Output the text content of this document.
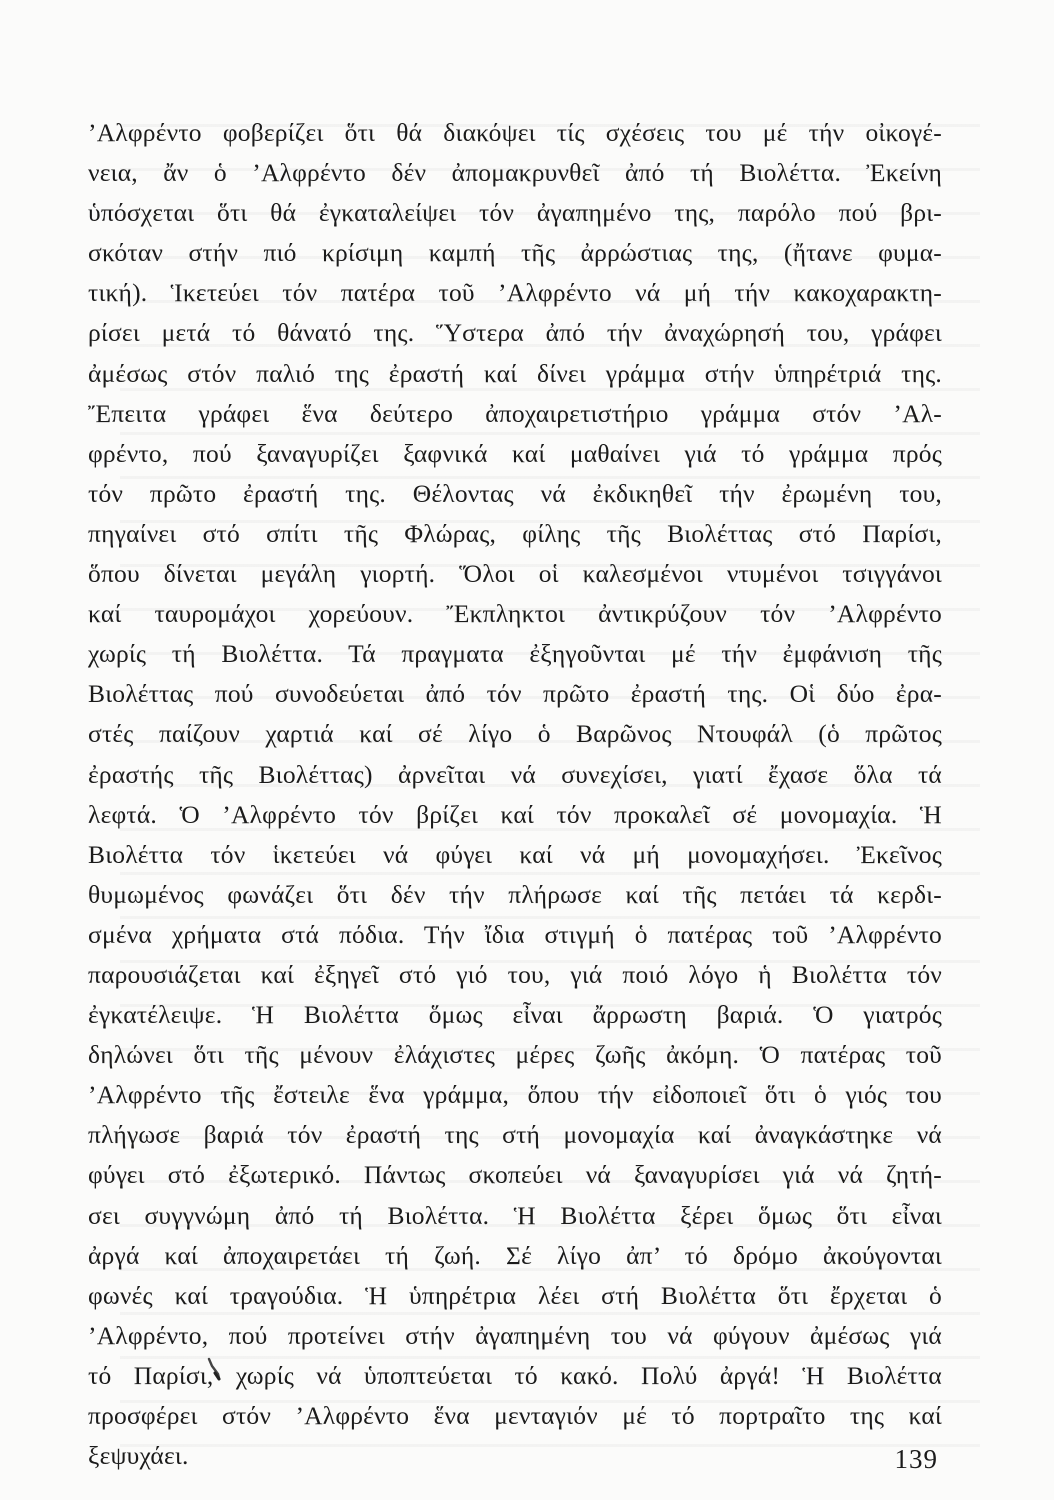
’Αλφρέντο φοβερίζει ὅτι θά διακόψει τίς σχέσεις του μέ τήν οἰκογέ-
νεια, ἄν ὁ ’Αλφρέντο δέν ἀπομακρυνθεῖ ἀπό τή Βιολέττα. Ἐκείνη
ὑπόσχεται ὅτι θά ἐγκαταλείψει τόν ἀγαπημένο της, παρόλο πού βρι-
σκόταν στήν πιό κρίσιμη καμπή τῆς ἀρρώστιας της, (ἤτανε φυμα-
τική). Ἱκετεύει τόν πατέρα τοῦ ’Αλφρέντο νά μή τήν κακοχαρακτη-
ρίσει μετά τό θάνατό της. Ὕστερα ἀπό τήν ἀναχώρησή του, γράφει
ἀμέσως στόν παλιό της ἐραστή καί δίνει γράμμα στήν ὑπηρέτριά της.
Ἔπειτα γράφει ἕνα δεύτερο ἀποχαιρετιστήριο γράμμα στόν ’Αλ-
φρέντο, πού ξαναγυρίζει ξαφνικά καί μαθαίνει γιά τό γράμμα πρός
τόν πρῶτο ἐραστή της. Θέλοντας νά ἐκδικηθεῖ τήν ἐρωμένη του,
πηγαίνει στό σπίτι τῆς Φλώρας, φίλης τῆς Βιολέττας στό Παρίσι,
ὅπου δίνεται μεγάλη γιορτή. Ὅλοι οἱ καλεσμένοι ντυμένοι τσιγγάνοι
καί ταυρομάχοι χορεύουν. Ἔκπληκτοι ἀντικρύζουν τόν ’Αλφρέντο
χωρίς τή Βιολέττα. Τά πραγματα ἐξηγοῦνται μέ τήν ἐμφάνιση τῆς
Βιολέττας πού συνοδεύεται ἀπό τόν πρῶτο ἐραστή της. Οἱ δύο ἐρα-
στές παίζουν χαρτιά καί σέ λίγο ὁ Βαρῶνος Ντουφάλ (ὁ πρῶτος
ἐραστής τῆς Βιολέττας) ἀρνεῖται νά συνεχίσει, γιατί ἔχασε ὅλα τά
λεφτά. Ὁ ’Αλφρέντο τόν βρίζει καί τόν προκαλεῖ σέ μονομαχία. Ἡ
Βιολέττα τόν ἱκετεύει νά φύγει καί νά μή μονομαχήσει. Ἐκεῖνος
θυμωμένος φωνάζει ὅτι δέν τήν πλήρωσε καί τῆς πετάει τά κερδι-
σμένα χρήματα στά πόδια. Τήν ἴδια στιγμή ὁ πατέρας τοῦ ’Αλφρέντο
παρουσιάζεται καί ἐξηγεῖ στό γιό του, γιά ποιό λόγο ἡ Βιολέττα τόν
ἐγκατέλειψε. Ἡ Βιολέττα ὅμως εἶναι ἄρρωστη βαριά. Ὁ γιατρός
δηλώνει ὅτι τῆς μένουν ἐλάχιστες μέρες ζωῆς ἀκόμη. Ὁ πατέρας τοῦ
’Αλφρέντο τῆς ἔστειλε ἕνα γράμμα, ὅπου τήν εἰδοποιεῖ ὅτι ὁ γιός του
πλήγωσε βαριά τόν ἐραστή της στή μονομαχία καί ἀναγκάστηκε νά
φύγει στό ἐξωτερικό. Πάντως σκοπεύει νά ξαναγυρίσει γιά νά ζητή-
σει συγγνώμη ἀπό τή Βιολέττα. Ἡ Βιολέττα ξέρει ὅμως ὅτι εἶναι
ἀργά καί ἀποχαιρετάει τή ζωή. Σέ λίγο ἀπ’ τό δρόμο ἀκούγονται
φωνές καί τραγούδια. Ἡ ὑπηρέτρια λέει στή Βιολέττα ὅτι ἔρχεται ὁ
’Αλφρέντο, πού προτείνει στήν ἀγαπημένη του νά φύγουν ἀμέσως γιά
τό Παρίσι, χωρίς νά ὑποπτεύεται τό κακό. Πολύ ἀργά! Ἡ Βιολέττα
προσφέρει στόν ’Αλφρέντο ἕνα μενταγιόν μέ τό πορτραῖτο της καί
ξεψυχάει.	139
